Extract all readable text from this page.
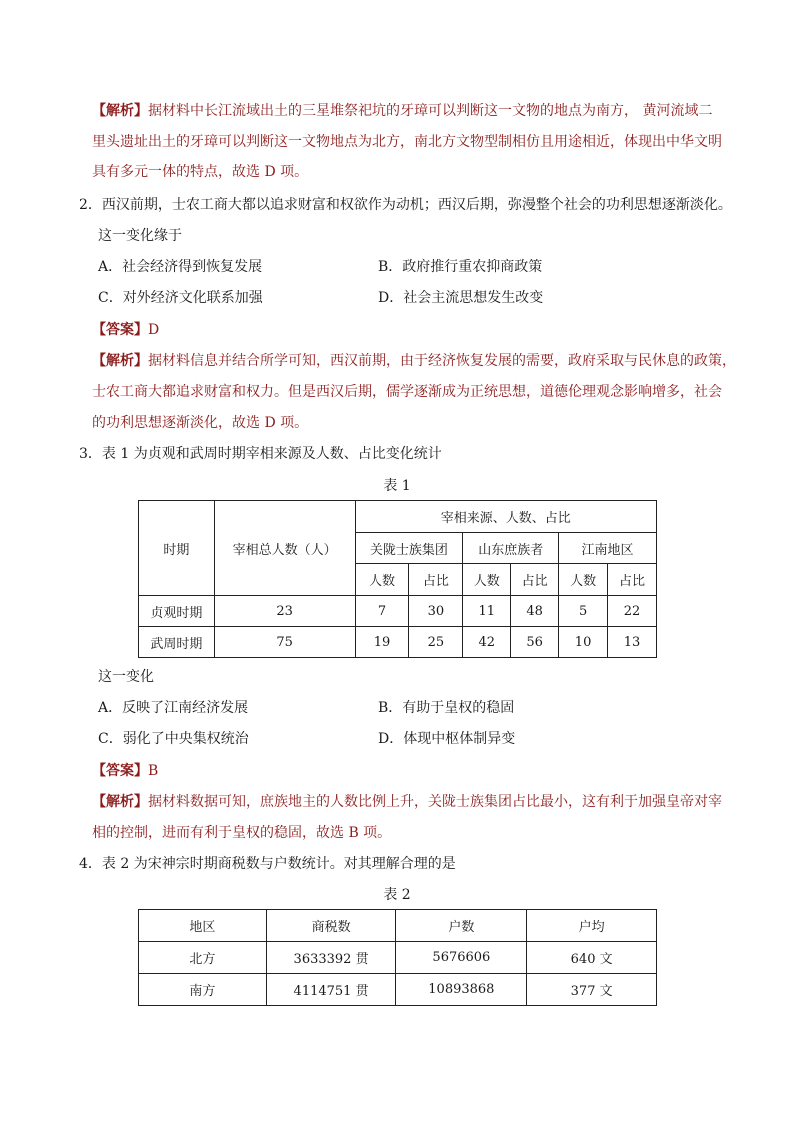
【解析】据材料中长江流域出土的三星堆祭祀坑的牙璋可以判断这一文物的地点为南方， 黄河流域二
里头遗址出土的牙璋可以判断这一文物地点为北方，南北方文物型制相仿且用途相近，体现出中华文明
具有多元一体的特点，故选 D 项。
2．西汉前期，士农工商大都以追求财富和权欲作为动机；西汉后期，弥漫整个社会的功利思想逐渐淡化。
这一变化缘于
A．社会经济得到恢复发展	B．政府推行重农抑商政策
C．对外经济文化联系加强	D．社会主流思想发生改变
【答案】D
【解析】据材料信息并结合所学可知，西汉前期，由于经济恢复发展的需要，政府采取与民休息的政策，
士农工商大都追求财富和权力。但是西汉后期，儒学逐渐成为正统思想，道德伦理观念影响增多，社会
的功利思想逐渐淡化，故选 D 项。
3．表 1 为贞观和武周时期宰相来源及人数、占比变化统计
表 1
时期	宰相总人数（人）	宰相来源、人数、占比					
		关陇士族集团		山东庶族者		江南地区	
		人数	占比	人数	占比	人数	占比
贞观时期	23	7	30	11	48	5	22
武周时期	75	19	25	42	56	10	13
这一变化
A．反映了江南经济发展	B．有助于皇权的稳固
C．弱化了中央集权统治	D．体现中枢体制异变
【答案】B
【解析】据材料数据可知，庶族地主的人数比例上升，关陇士族集团占比最小，这有利于加强皇帝对宰
相的控制，进而有利于皇权的稳固，故选 B 项。
4．表 2 为宋神宗时期商税数与户数统计。对其理解合理的是
表 2
地区	商税数	户数	户均
北方	3633392 贯	5676606	640 文
南方	4114751 贯	10893868	377 文
